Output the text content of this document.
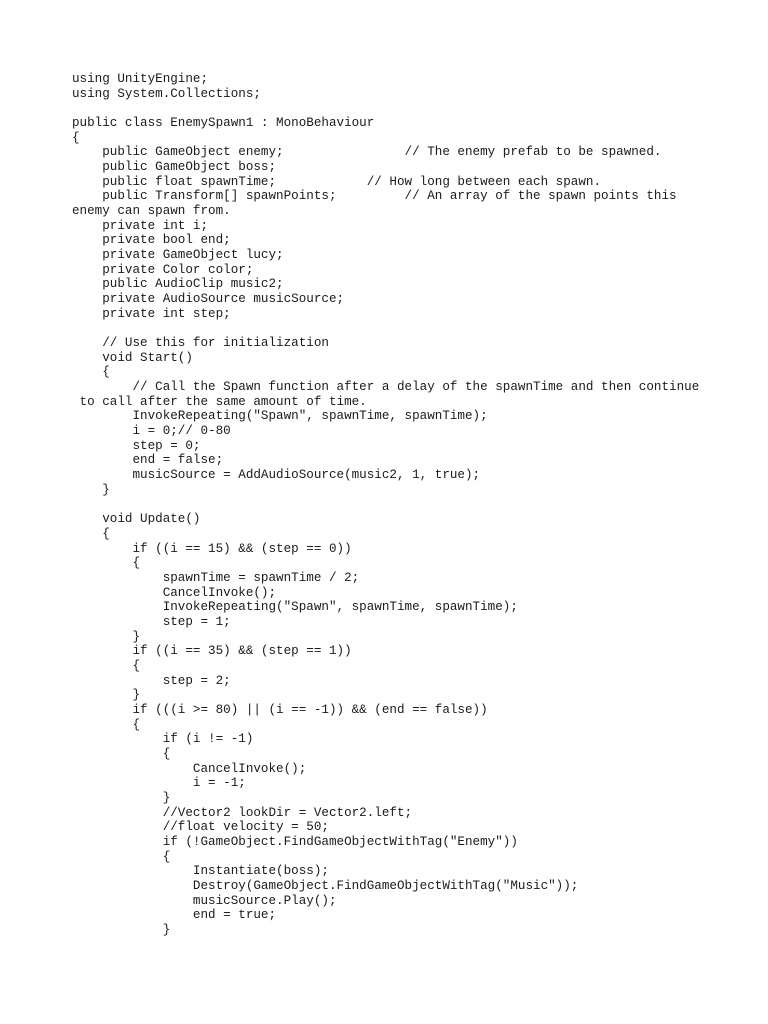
using UnityEngine;
using System.Collections;
public class EnemySpawn1 : MonoBehaviour
{
public GameObject enemy;                // The enemy prefab to be spawned.
public GameObject boss;
public float spawnTime;            // How long between each spawn.
public Transform[] spawnPoints;         // An array of the spawn points this
enemy can spawn from.
private int i;
private bool end;
private GameObject lucy;
private Color color;
public AudioClip music2;
private AudioSource musicSource;
private int step;
// Use this for initialization
void Start()
{
// Call the Spawn function after a delay of the spawnTime and then continue
to call after the same amount of time.
InvokeRepeating("Spawn", spawnTime, spawnTime);
i = 0;// 0-80
step = 0;
end = false;
musicSource = AddAudioSource(music2, 1, true);
}
void Update()
{
if ((i == 15) && (step == 0))
{
spawnTime = spawnTime / 2;
CancelInvoke();
InvokeRepeating("Spawn", spawnTime, spawnTime);
step = 1;
}
if ((i == 35) && (step == 1))
{
step = 2;
}
if (((i >= 80) || (i == -1)) && (end == false))
{
if (i != -1)
{
CancelInvoke();
i = -1;
}
//Vector2 lookDir = Vector2.left;
//float velocity = 50;
if (!GameObject.FindGameObjectWithTag("Enemy"))
{
Instantiate(boss);
Destroy(GameObject.FindGameObjectWithTag("Music"));
musicSource.Play();
end = true;
}
